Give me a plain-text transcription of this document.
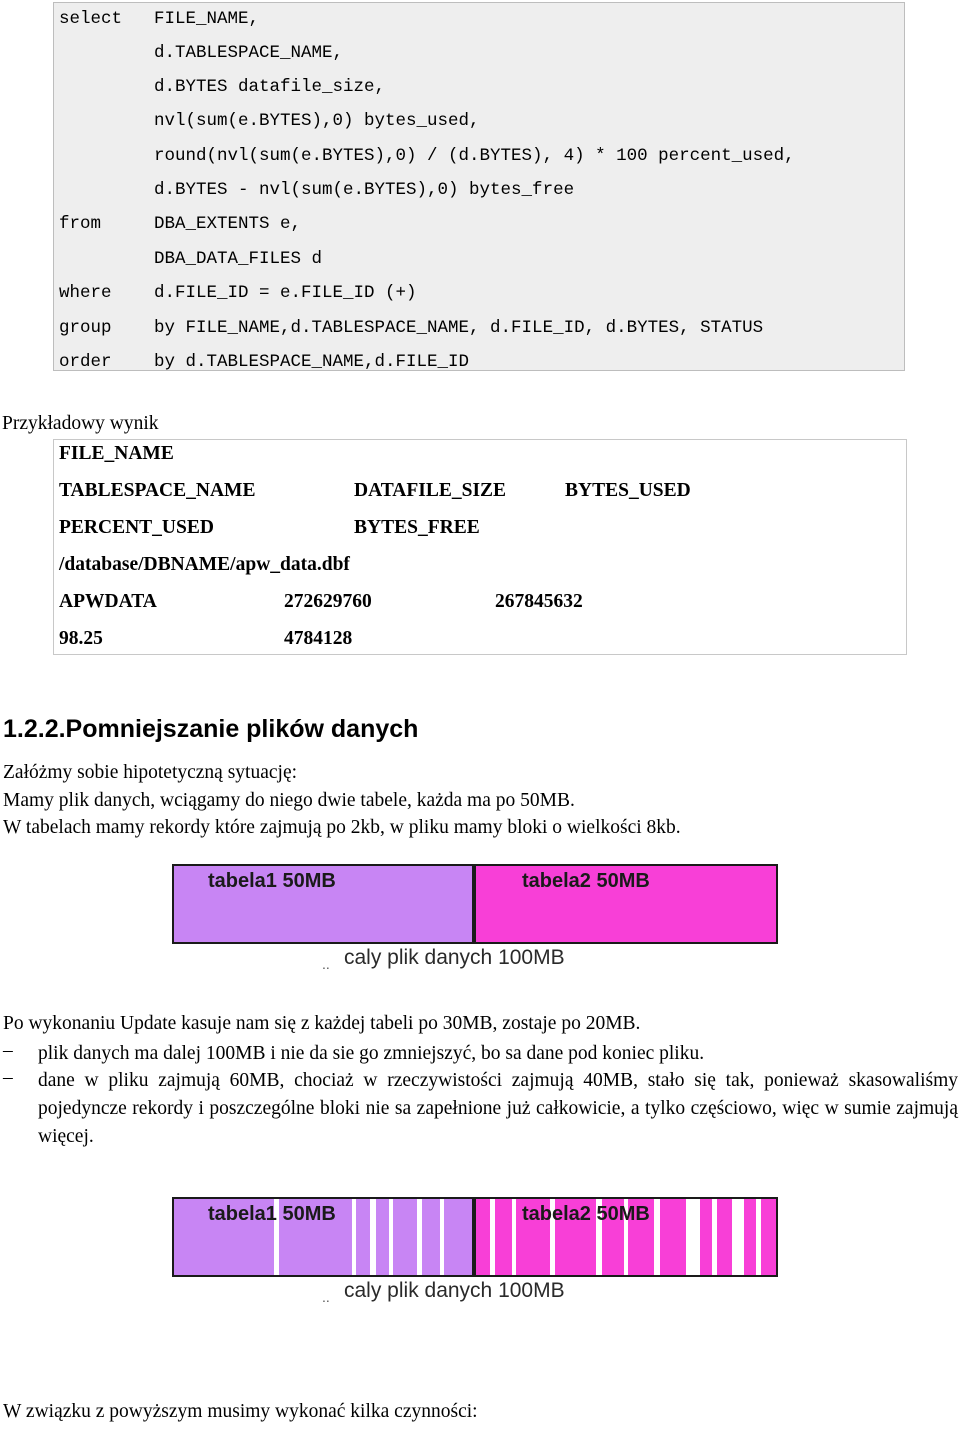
select FILE_NAME,
d.TABLESPACE_NAME,
d.BYTES datafile_size,
nvl(sum(e.BYTES),0) bytes_used,
round(nvl(sum(e.BYTES),0) / (d.BYTES), 4) * 100 percent_used,
d.BYTES - nvl(sum(e.BYTES),0) bytes_free
from	DBA_EXTENTS e,
DBA_DATA_FILES d
where d.FILE_ID = e.FILE_ID (+)
group by FILE_NAME,d.TABLESPACE_NAME, d.FILE_ID, d.BYTES, STATUS
order by d.TABLESPACE_NAME,d.FILE_ID
Przykładowy wynik
FILE_NAME
TABLESPACE_NAME	DATAFILE_SIZE	BYTES_USED
PERCENT_USED	BYTES_FREE
/database/DBNAME/apw_data.dbf
APWDATA	272629760	267845632
98.25	4784128
1.2.2.Pomniejszanie plików danych
Załóżmy sobie hipotetyczną sytuację:
Mamy plik danych, wciągamy do niego dwie tabele, każda ma po 50MB.
W tabelach mamy rekordy które zajmują po 2kb, w pliku mamy bloki o wielkości 8kb.
tabela1 50MB	tabela2 50MB
.. caly plik danych 100MB
Po wykonaniu Update kasuje nam się z każdej tabeli po 30MB, zostaje po 20MB.
– plik danych ma dalej 100MB i nie da sie go zmniejszyć, bo sa dane pod koniec pliku.
– dane w pliku zajmują 60MB, chociaż w rzeczywistości zajmują 40MB, stało się tak, ponieważ skasowaliśmy pojedyncze rekordy i poszczególne bloki nie sa zapełnione już całkowicie, a tylko częściowo, więc w sumie zajmują więcej.
tabela1 50MB	tabela2 50MB
.. caly plik danych 100MB
W związku z powyższym musimy wykonać kilka czynności:
